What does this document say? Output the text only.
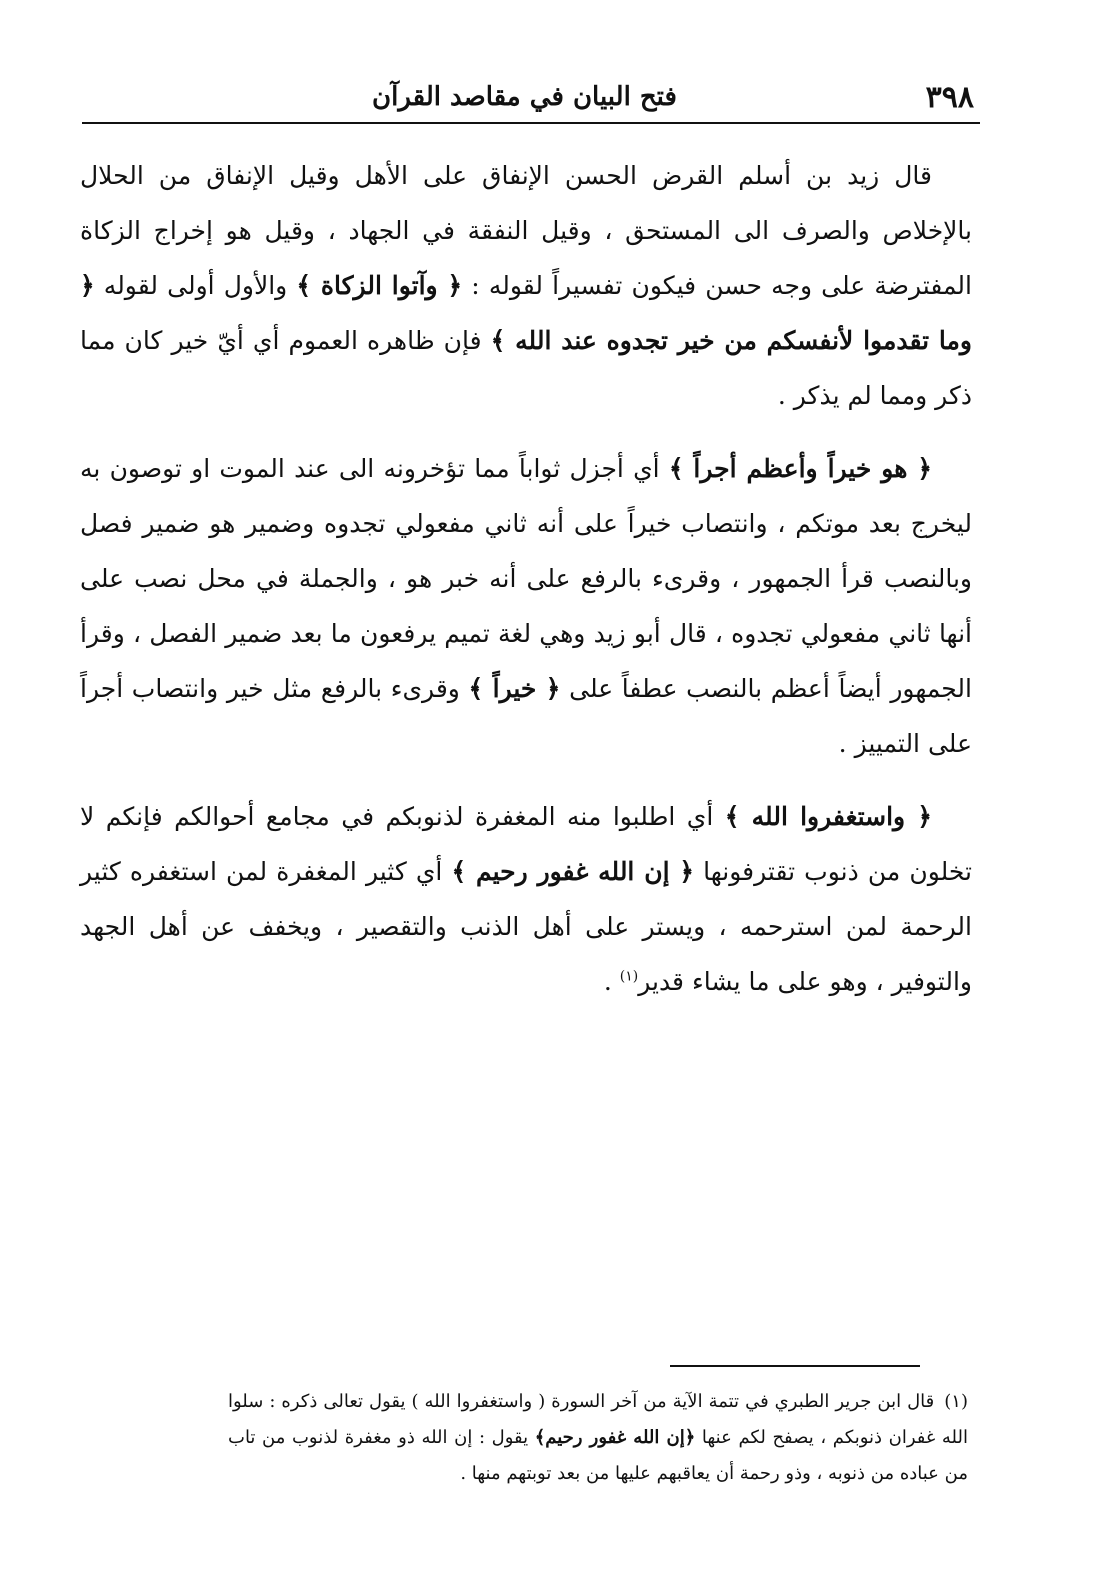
٣٩٨
فتح البيان في مقاصد القرآن

قال زيد بن أسلم القرض الحسن الإنفاق على الأهل وقيل الإنفاق من الحلال بالإخلاص والصرف الى المستحق ، وقيل النفقة في الجهاد ، وقيل هو إخراج الزكاة المفترضة على وجه حسن فيكون تفسيراً لقوله : ﴿ وآتوا الزكاة ﴾ والأول أولى لقوله ﴿ وما تقدموا لأنفسكم من خير تجدوه عند الله ﴾ فإن ظاهره العموم أي أيّ خير كان مما ذكر ومما لم يذكر .

﴿ هو خيراً وأعظم أجراً ﴾ أي أجزل ثواباً مما تؤخرونه الى عند الموت او توصون به ليخرج بعد موتكم ، وانتصاب خيراً على أنه ثاني مفعولي تجدوه وضمير هو ضمير فصل وبالنصب قرأ الجمهور ، وقرىء بالرفع على أنه خبر هو ، والجملة في محل نصب على أنها ثاني مفعولي تجدوه ، قال أبو زيد وهي لغة تميم يرفعون ما بعد ضمير الفصل ، وقرأ الجمهور أيضاً أعظم بالنصب عطفاً على ﴿ خيراً ﴾ وقرىء بالرفع مثل خير وانتصاب أجراً على التمييز .

﴿ واستغفروا الله ﴾ أي اطلبوا منه المغفرة لذنوبكم في مجامع أحوالكم فإنكم لا تخلون من ذنوب تقترفونها ﴿ إن الله غفور رحيم ﴾ أي كثير المغفرة لمن استغفره كثير الرحمة لمن استرحمه ، ويستر على أهل الذنب والتقصير ، ويخفف عن أهل الجهد والتوفير ، وهو على ما يشاء قدير$^{(١)}$ .

(١)قال ابن جرير الطبري في تتمة الآية من آخر السورة ( واستغفروا الله ) يقول تعالى ذكره : سلوا الله غفران ذنوبكم ، يصفح لكم عنها ﴿إن الله غفور رحيم﴾ يقول : إن الله ذو مغفرة لذنوب من تاب من عباده من ذنوبه ، وذو رحمة أن يعاقبهم عليها من بعد توبتهم منها .
